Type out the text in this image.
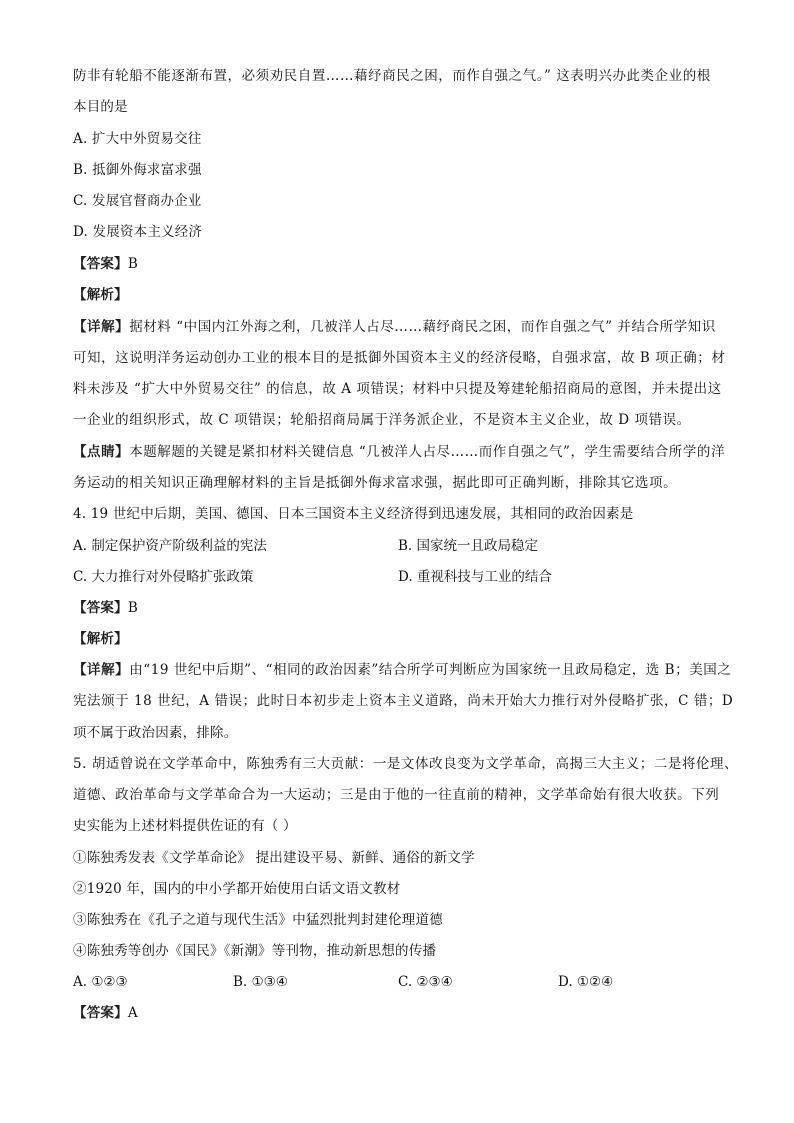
防非有轮船不能逐渐布置，必须劝民自置……藉纾商民之困，而作自强之气。” 这表明兴办此类企业的根
本目的是
A. 扩大中外贸易交往
B. 抵御外侮求富求强
C. 发展官督商办企业
D. 发展资本主义经济
【答案】B
【解析】
【详解】据材料 “中国内江外海之利，几被洋人占尽……藉纾商民之困，而作自强之气” 并结合所学知识
可知，这说明洋务运动创办工业的根本目的是抵御外国资本主义的经济侵略，自强求富，故 B 项正确；材
料未涉及 “扩大中外贸易交往” 的信息，故 A 项错误；材料中只提及筹建轮船招商局的意图，并未提出这
一企业的组织形式，故 C 项错误；轮船招商局属于洋务派企业，不是资本主义企业，故 D 项错误。
【点睛】本题解题的关键是紧扣材料关键信息 “几被洋人占尽……而作自强之气”，学生需要结合所学的洋
务运动的相关知识正确理解材料的主旨是抵御外侮求富求强，据此即可正确判断，排除其它选项。
4. 19 世纪中后期，美国、德国、日本三国资本主义经济得到迅速发展，其相同的政治因素是
A. 制定保护资产阶级利益的宪法	B. 国家统一且政局稳定
C. 大力推行对外侵略扩张政策	D. 重视科技与工业的结合
【答案】B
【解析】
【详解】由“19 世纪中后期”、“相同的政治因素”结合所学可判断应为国家统一且政局稳定，选 B；美国之
宪法颁于 18 世纪，A 错误；此时日本初步走上资本主义道路，尚未开始大力推行对外侵略扩张，C 错；D
项不属于政治因素，排除。
5. 胡适曾说在文学革命中，陈独秀有三大贡献：一是文体改良变为文学革命，高揭三大主义；二是将伦理、
道德、政治革命与文学革命合为一大运动；三是由于他的一往直前的精神，文学革命始有很大收获。下列
史实能为上述材料提供佐证的有（ ）
①陈独秀发表《文学革命论》 提出建设平易、新鲜、通俗的新文学
②1920 年，国内的中小学都开始使用白话文语文教材
③陈独秀在《孔子之道与现代生活》中猛烈批判封建伦理道德
④陈独秀等创办《国民》《新潮》等刊物，推动新思想的传播
A. ①②③	B. ①③④	C. ②③④	D. ①②④
【答案】A
